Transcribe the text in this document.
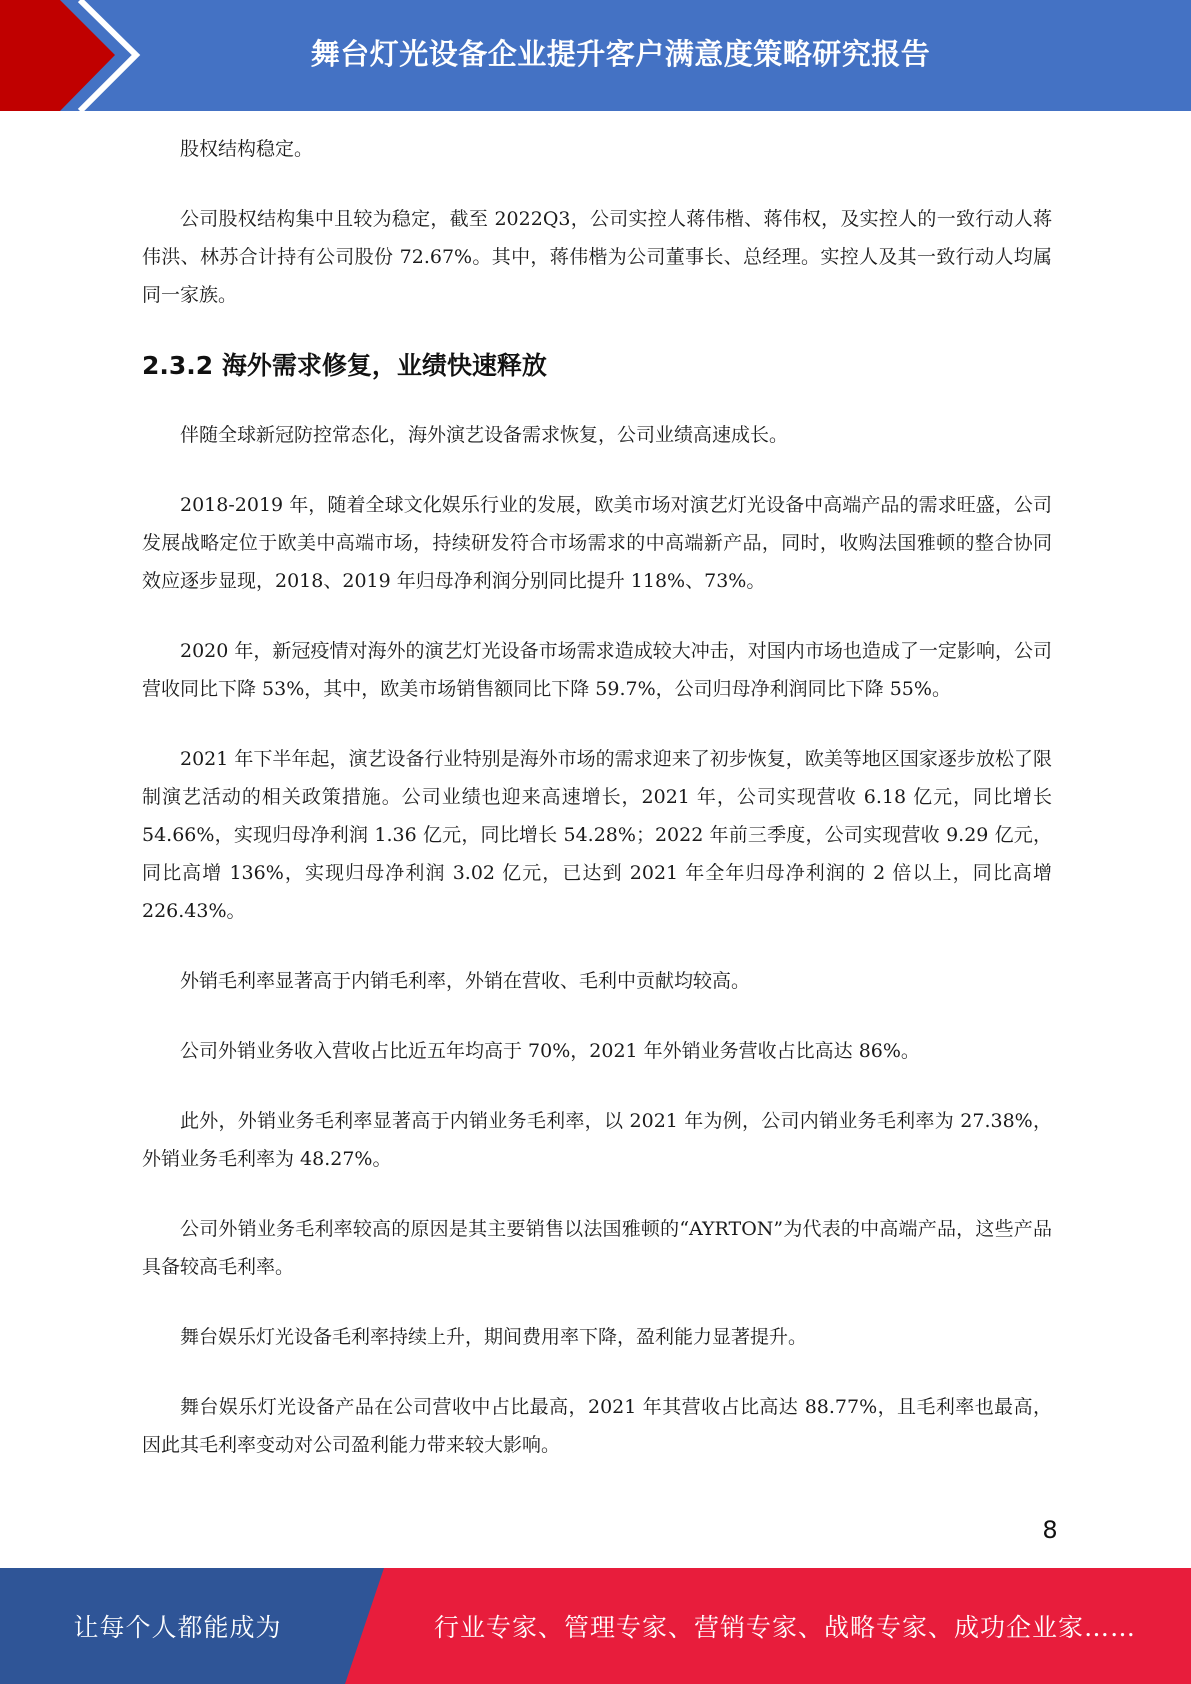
舞台灯光设备企业提升客户满意度策略研究报告

股权结构稳定。

公司股权结构集中且较为稳定，截至 2022Q3，公司实控人蒋伟楷、蒋伟权，及实控人的一致行动人蒋伟洪、林苏合计持有公司股份 72.67%。其中，蒋伟楷为公司董事长、总经理。实控人及其一致行动人均属同一家族。

2.3.2 海外需求修复，业绩快速释放

伴随全球新冠防控常态化，海外演艺设备需求恢复，公司业绩高速成长。

2018-2019 年，随着全球文化娱乐行业的发展，欧美市场对演艺灯光设备中高端产品的需求旺盛，公司发展战略定位于欧美中高端市场，持续研发符合市场需求的中高端新产品，同时，收购法国雅顿的整合协同效应逐步显现，2018、2019 年归母净利润分别同比提升 118%、73%。

2020 年，新冠疫情对海外的演艺灯光设备市场需求造成较大冲击，对国内市场也造成了一定影响，公司营收同比下降 53%，其中，欧美市场销售额同比下降 59.7%，公司归母净利润同比下降 55%。

2021 年下半年起，演艺设备行业特别是海外市场的需求迎来了初步恢复，欧美等地区国家逐步放松了限制演艺活动的相关政策措施。公司业绩也迎来高速增长，2021 年，公司实现营收 6.18 亿元，同比增长 54.66%，实现归母净利润 1.36 亿元，同比增长 54.28%；2022 年前三季度，公司实现营收 9.29 亿元，同比高增 136%，实现归母净利润 3.02 亿元，已达到 2021 年全年归母净利润的 2 倍以上，同比高增 226.43%。

外销毛利率显著高于内销毛利率，外销在营收、毛利中贡献均较高。

公司外销业务收入营收占比近五年均高于 70%，2021 年外销业务营收占比高达 86%。

此外，外销业务毛利率显著高于内销业务毛利率，以 2021 年为例，公司内销业务毛利率为 27.38%，外销业务毛利率为 48.27%。

公司外销业务毛利率较高的原因是其主要销售以法国雅顿的“AYRTON”为代表的中高端产品，这些产品具备较高毛利率。

舞台娱乐灯光设备毛利率持续上升，期间费用率下降，盈利能力显著提升。

舞台娱乐灯光设备产品在公司营收中占比最高，2021 年其营收占比高达 88.77%，且毛利率也最高，因此其毛利率变动对公司盈利能力带来较大影响。

8
让每个人都能成为	行业专家、管理专家、营销专家、战略专家、成功企业家……
